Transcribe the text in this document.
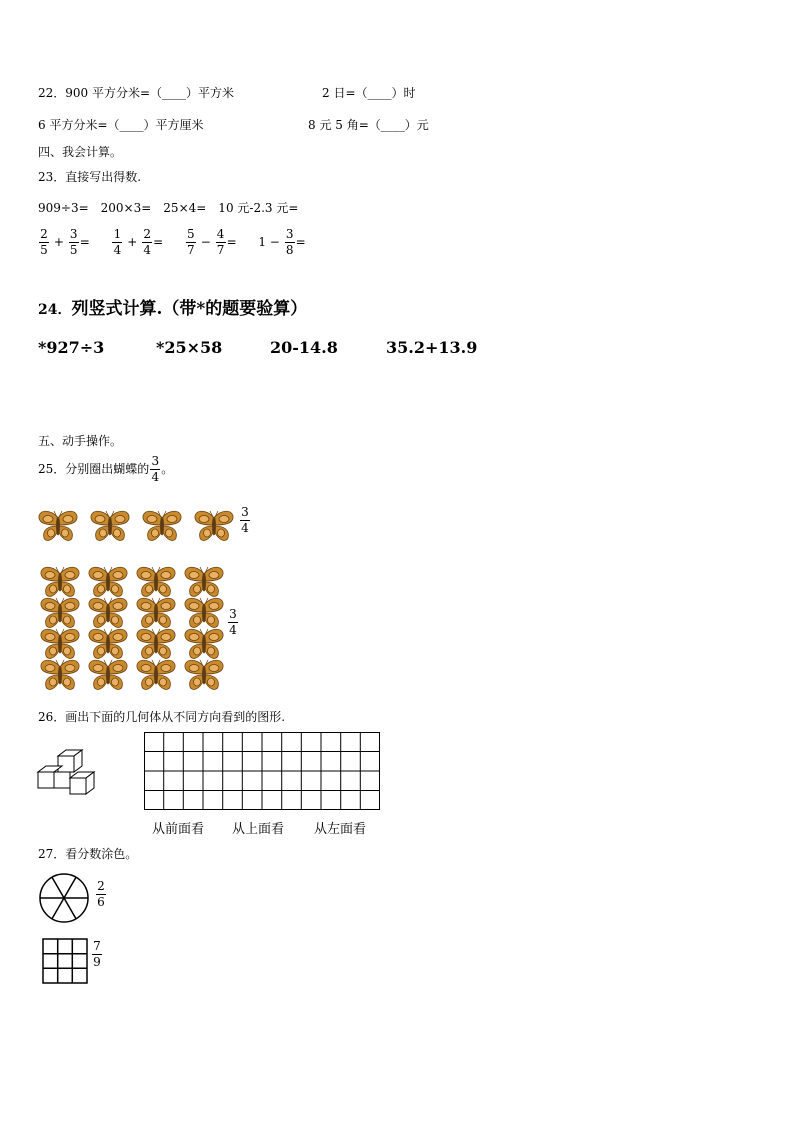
22．900 平方分米=（____）平方米	2 日=（____）时
6 平方分米=（____）平方厘米	8 元 5 角=（____）元
四、我会计算。
23．直接写出得数.
909÷3=　200×3=　25×4=　10 元-2.3 元=
$\frac{2}{5} + \frac{3}{5} = \frac{1}{4} + \frac{2}{4} = \frac{5}{7} - \frac{4}{7} = 1 - \frac{3}{8}$ =
24．列竖式计算.（带*的题要验算）
*927÷3	*25×58	20-14.8	35.2+13.9
五、动手操作。
25．分别圈出蝴蝶的 $\frac{3}{4}$ 。
3
4
3
4
26．画出下面的几何体从不同方向看到的图形.
从前面看 从上面看 从左面看
27．看分数涂色。
2
6
7
9
